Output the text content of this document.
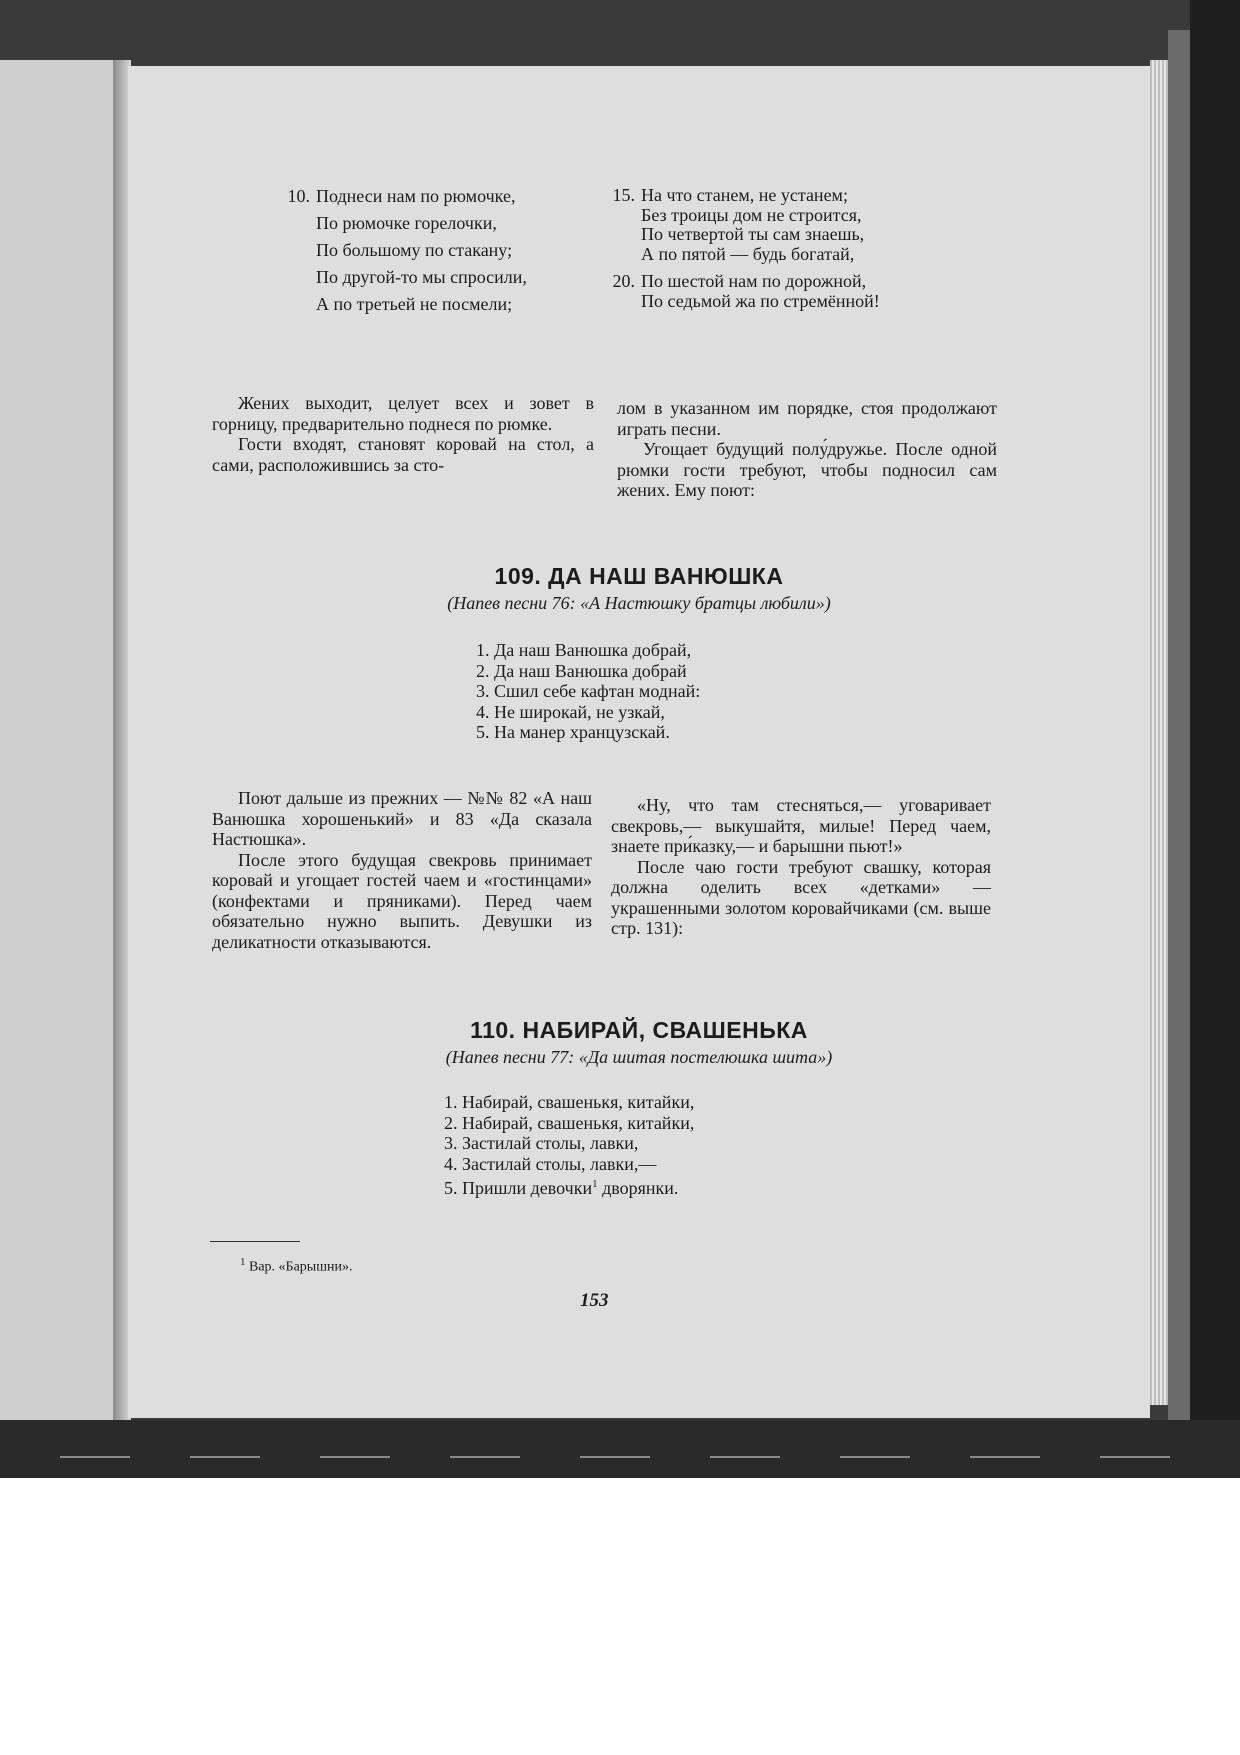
10. Поднеси нам по рюмочке,
По рюмочке горелочки,
По большому по стакану;
По другой-то мы спросили,
А по третьей не посмели;
15. На что станем, не устанем;
Без троицы дом не строится,
По четвертой ты сам знаешь,
А по пятой — будь богатай,
20. По шестой нам по дорожной,
По седьмой жа по стремённой!

Жених выходит, целует всех и зовет в горницу, предварительно поднеся по рюмке.

Гости входят, становят коровай на стол, а сами, расположившись за сто-

лом в указанном им порядке, стоя продолжают играть песни.

Угощает будущий полу́дружье. После одной рюмки гости требуют, чтобы подносил сам жених. Ему поют:

109. ДА НАШ ВАНЮШКА
(Напев песни 76: «А Настюшку братцы любили»)
1. Да наш Ванюшка добрай,
2. Да наш Ванюшка добрай
3. Сшил себе кафтан моднай:
4. Не широкай, не узкай,
5. На манер хранцузскай.

Поют дальше из прежних — №№ 82 «А наш Ванюшка хорошенький» и 83 «Да сказала Настюшка».

После этого будущая свекровь принимает коровай и угощает гостей чаем и «гостинцами» (конфектами и пряниками). Перед чаем обязательно нужно выпить. Девушки из деликатности отказываются.

«Ну, что там стесняться,— уговаривает свекровь,— выкушайтя, милые! Перед чаем, знаете при́казку,— и барышни пьют!»

После чаю гости требуют свашку, которая должна оделить всех «детками» — украшенными золотом коровайчиками (см. выше стр. 131):

110. НАБИРАЙ, СВАШЕНЬКА
(Напев песни 77: «Да шитая постелюшка шита»)
1. Набирай, свашенькя, китайки,
2. Набирай, свашенькя, китайки,
3. Застилай столы, лавки,
4. Застилай столы, лавки,—
5. Пришли девочки$^1$ дворянки.
$^1$ Вар. «Барышни».
153
